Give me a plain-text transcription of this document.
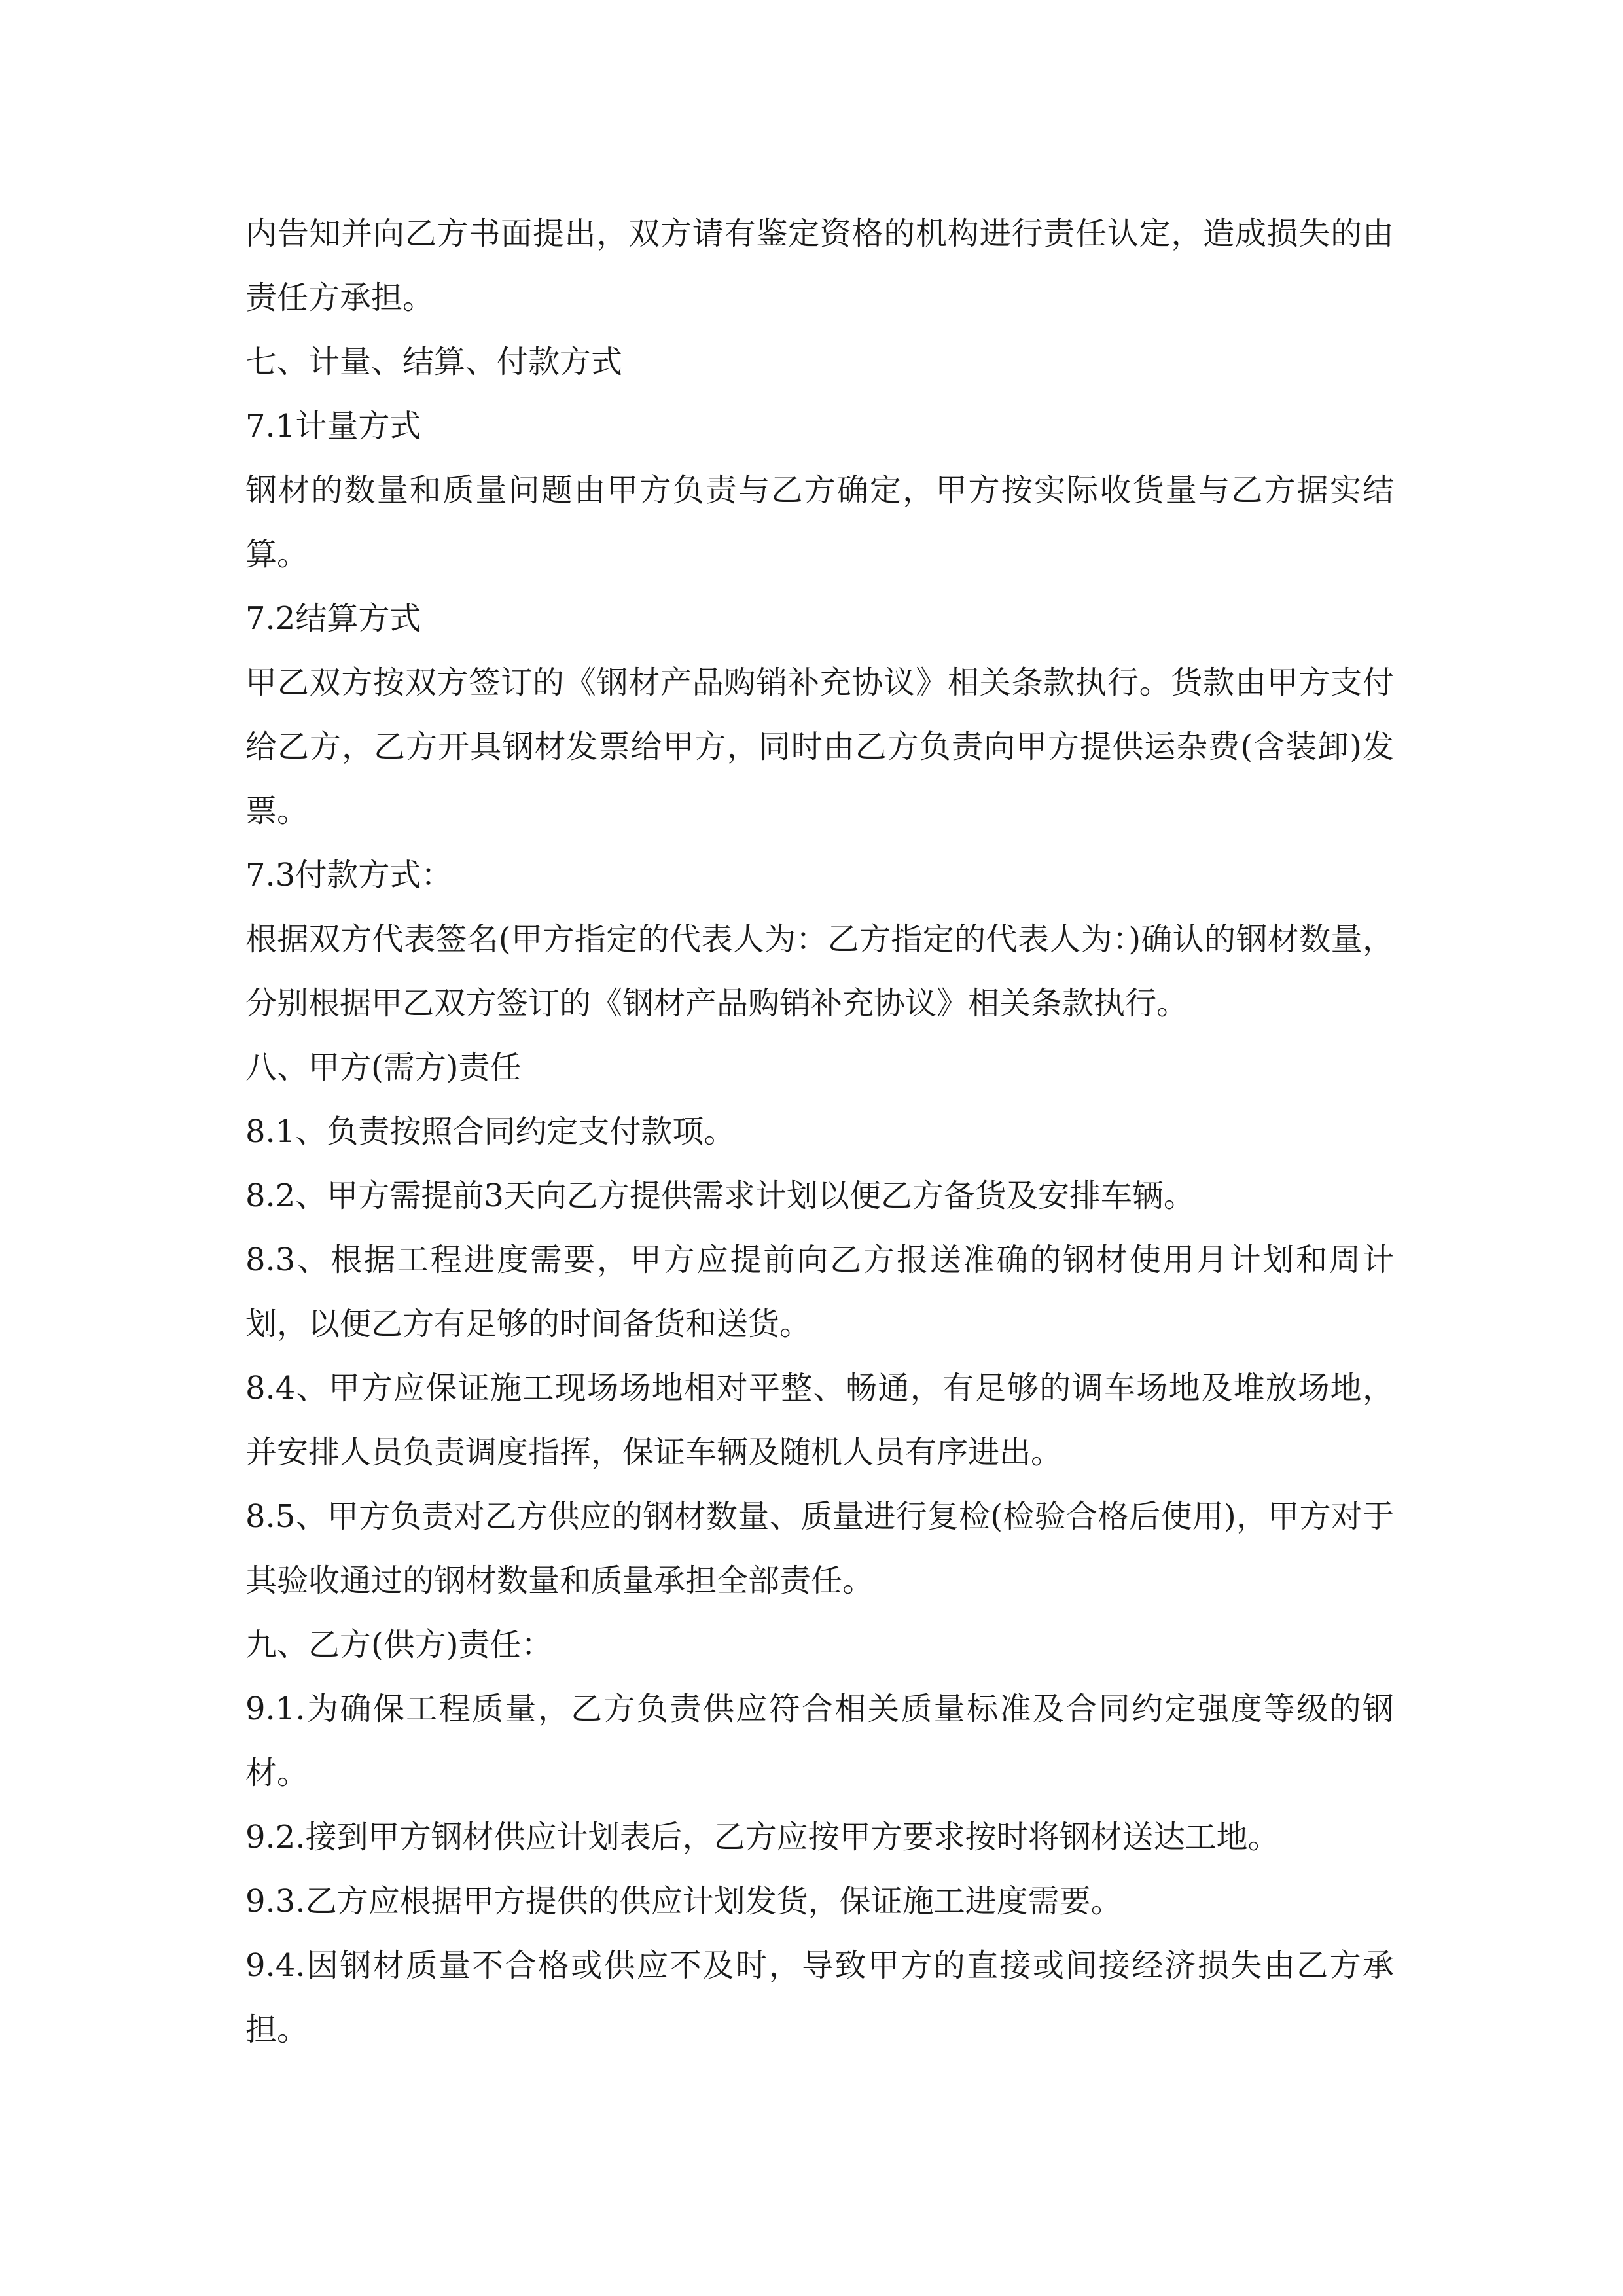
内告知并向乙方书面提出，双方请有鉴定资格的机构进行责任认定，造成损失的由责任方承担。

七、计量、结算、付款方式

7.1计量方式

钢材的数量和质量问题由甲方负责与乙方确定，甲方按实际收货量与乙方据实结算。

7.2结算方式

甲乙双方按双方签订的《钢材产品购销补充协议》相关条款执行。货款由甲方支付给乙方，乙方开具钢材发票给甲方，同时由乙方负责向甲方提供运杂费(含装卸)发票。

7.3付款方式：

根据双方代表签名(甲方指定的代表人为：乙方指定的代表人为：)确认的钢材数量，分别根据甲乙双方签订的《钢材产品购销补充协议》相关条款执行。

八、甲方(需方)责任

8.1、负责按照合同约定支付款项。

8.2、甲方需提前3天向乙方提供需求计划以便乙方备货及安排车辆。

8.3、根据工程进度需要，甲方应提前向乙方报送准确的钢材使用月计划和周计划，以便乙方有足够的时间备货和送货。

8.4、甲方应保证施工现场场地相对平整、畅通，有足够的调车场地及堆放场地，并安排人员负责调度指挥，保证车辆及随机人员有序进出。

8.5、甲方负责对乙方供应的钢材数量、质量进行复检(检验合格后使用)，甲方对于其验收通过的钢材数量和质量承担全部责任。

九、乙方(供方)责任：

9.1.为确保工程质量，乙方负责供应符合相关质量标准及合同约定强度等级的钢材。

9.2.接到甲方钢材供应计划表后，乙方应按甲方要求按时将钢材送达工地。

9.3.乙方应根据甲方提供的供应计划发货，保证施工进度需要。

9.4.因钢材质量不合格或供应不及时，导致甲方的直接或间接经济损失由乙方承担。
